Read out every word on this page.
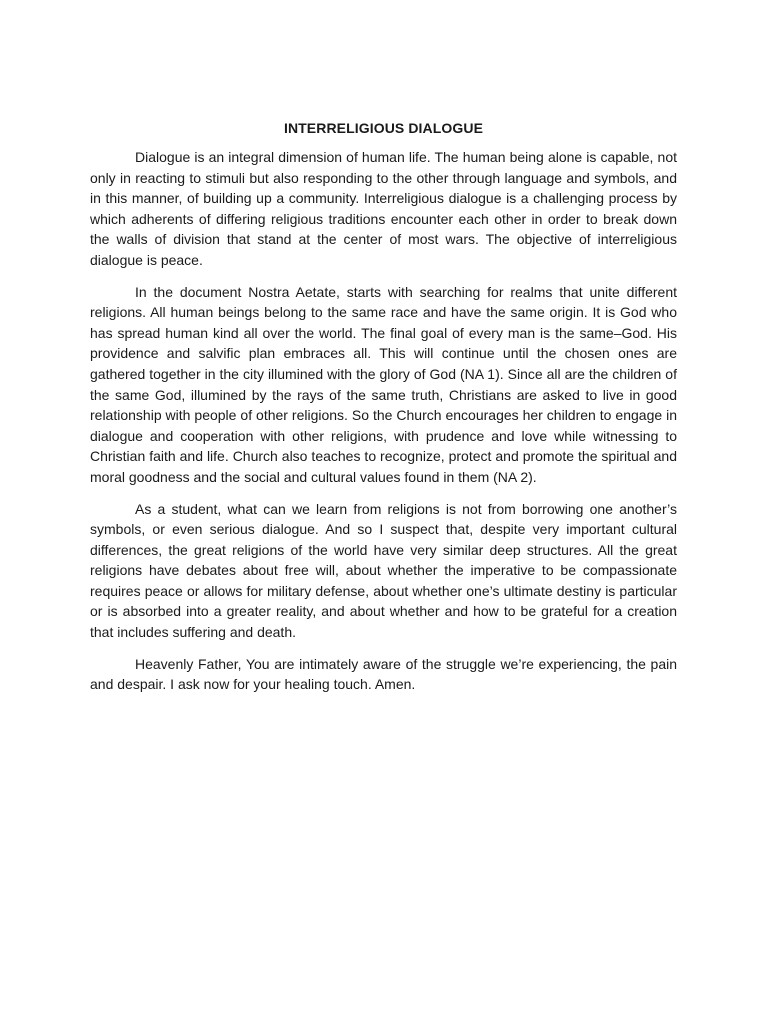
INTERRELIGIOUS DIALOGUE

Dialogue is an integral dimension of human life. The human being alone is capable, not only in reacting to stimuli but also responding to the other through language and symbols, and in this manner, of building up a community. Interreligious dialogue is a challenging process by which adherents of differing religious traditions encounter each other in order to break down the walls of division that stand at the center of most wars. The objective of interreligious dialogue is peace.

In the document Nostra Aetate, starts with searching for realms that unite different religions. All human beings belong to the same race and have the same origin. It is God who has spread human kind all over the world. The final goal of every man is the same–God. His providence and salvific plan embraces all. This will continue until the chosen ones are gathered together in the city illumined with the glory of God (NA 1). Since all are the children of the same God, illumined by the rays of the same truth, Christians are asked to live in good relationship with people of other religions. So the Church encourages her children to engage in dialogue and cooperation with other religions, with prudence and love while witnessing to Christian faith and life. Church also teaches to recognize, protect and promote the spiritual and moral goodness and the social and cultural values found in them (NA 2).

As a student, what can we learn from religions is not from borrowing one another’s symbols, or even serious dialogue. And so I suspect that, despite very important cultural differences, the great religions of the world have very similar deep structures. All the great religions have debates about free will, about whether the imperative to be compassionate requires peace or allows for military defense, about whether one’s ultimate destiny is particular or is absorbed into a greater reality, and about whether and how to be grateful for a creation that includes suffering and death.

Heavenly Father, You are intimately aware of the struggle we’re experiencing, the pain and despair. I ask now for your healing touch. Amen.
